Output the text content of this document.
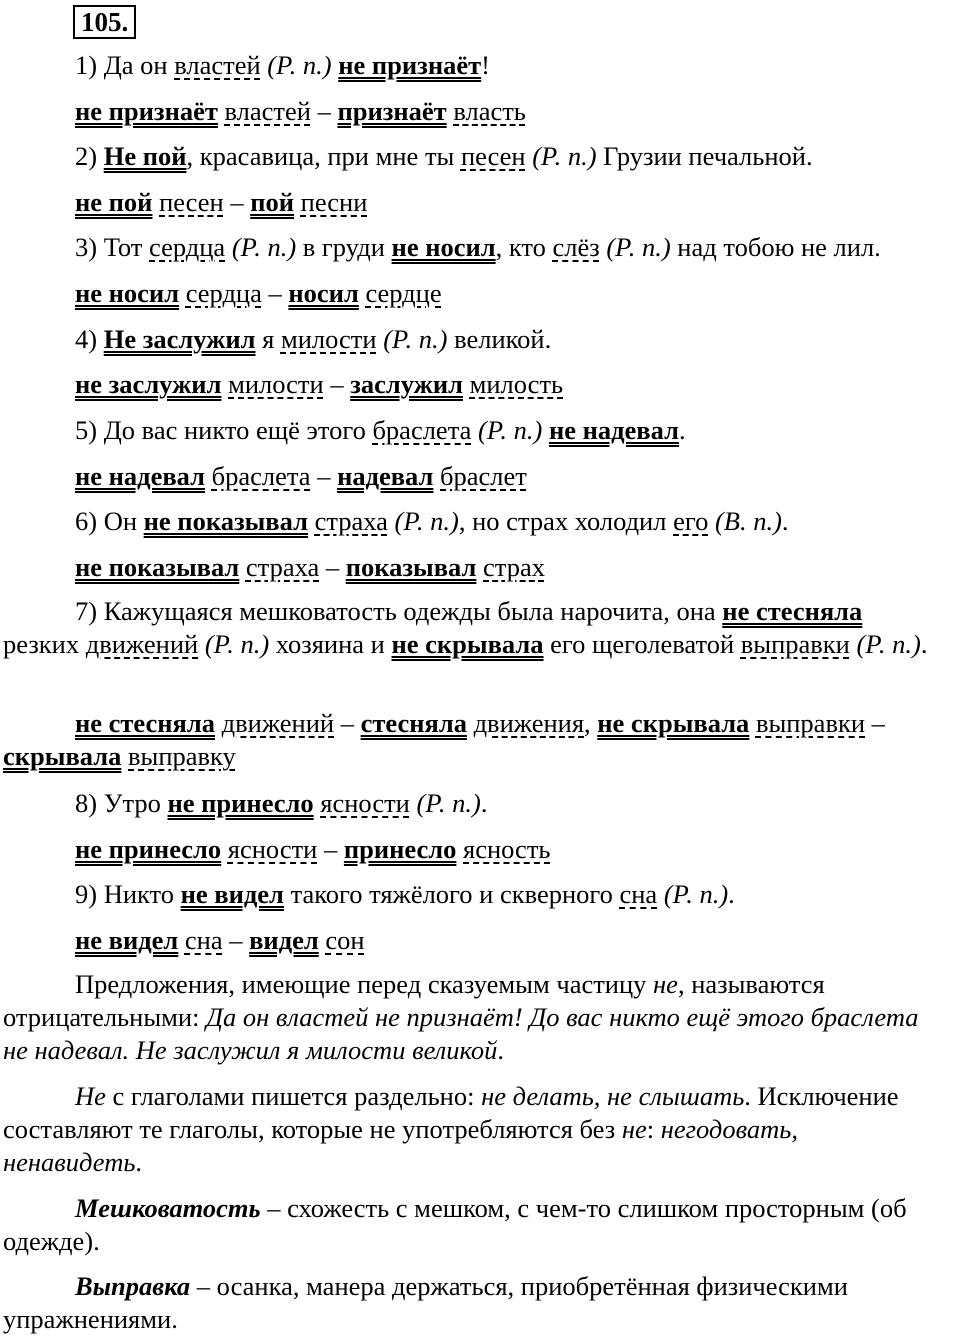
105.
1) Да он властей (Р. п.) не признаёт!
не признаёт властей – признаёт власть
2) Не пой, красавица, при мне ты песен (Р. п.) Грузии печальной.
не пой песен – пой песни
3) Тот сердца (Р. п.) в груди не носил, кто слёз (Р. п.) над тобою не лил.
не носил сердца – носил сердце
4) Не заслужил я милости (Р. п.) великой.
не заслужил милости – заслужил милость
5) До вас никто ещё этого браслета (Р. п.) не надевал.
не надевал браслета – надевал браслет
6) Он не показывал страха (Р. п.), но страх холодил его (В. п.).
не показывал страха – показывал страх
7) Кажущаяся мешковатость одежды была нарочита, она не стесняла резких движений (Р. п.) хозяина и не скрывала его щеголеватой выправки (Р. п.).
не стесняла движений – стесняла движения, не скрывала выправки – скрывала выправку
8) Утро не принесло ясности (Р. п.).
не принесло ясности – принесло ясность
9) Никто не видел такого тяжёлого и скверного сна (Р. п.).
не видел сна – видел сон
Предложения, имеющие перед сказуемым частицу не, называются отрицательными: Да он властей не признаёт! До вас никто ещё этого браслета не надевал. Не заслужил я милости великой.
Не с глаголами пишется раздельно: не делать, не слышать. Исключение составляют те глаголы, которые не употребляются без не: негодовать, ненавидеть.
Мешковатость – схожесть с мешком, с чем-то слишком просторным (об одежде).
Выправка – осанка, манера держаться, приобретённая физическими упражнениями.
